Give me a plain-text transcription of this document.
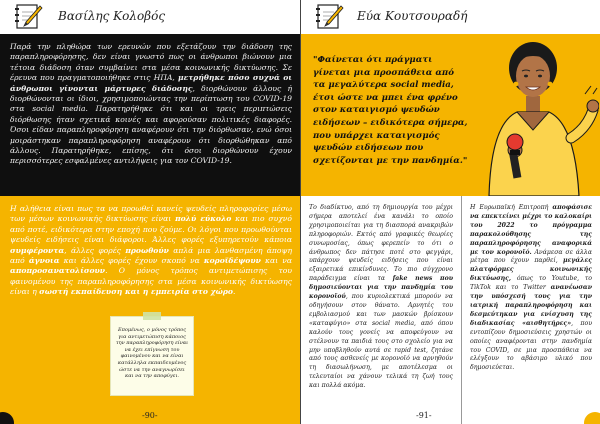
Βασίλης Κολοβός

Παρά την πληθώρα των ερευνών που εξετάζουν την διάδοση της παραπληροφόρησης, δεν είναι γνωστό πως οι άνθρωποι βιώνουν μια τέτοια διάδοση όταν συμβαίνει στα μέσα κοινωνικής δικτύωσης. Σε έρευνα που πραγματοποιήθηκε στις ΗΠΑ, μετρήθηκε πόσο συχνά οι άνθρωποι γίνονται μάρτυρες διάδοσης, διορθώνουν άλλους ή διορθώνονται οι ίδιοι, χρησιμοποιώντας την περίπτωση του COVID-19 στα social media. Παρατηρήθηκε ότι και οι τρεις περιπτώσεις διόρθωσης ήταν σχετικά κοινές και αφορούσαν πολιτικές διαφορές. Όσοι είδαν παραπληροφόρηση αναφέρουν ότι την διόρθωσαν, ενώ όσοι μοιράστηκαν παραπληροφόρηση αναφέρουν ότι διορθώθηκαν από άλλους. Παρατηρήθηκε, επίσης, ότι όσοι διορθώνουν έχουν περισσότερες εσφαλμένες αντιλήψεις για τον COVID-19.

Η αλήθεια είναι πως τα να προωθεί κανείς ψευδείς πληροφορίες μέσω των μέσων κοινωνικής δικτύωσης είναι πολύ εύκολο και πιο συχνό από ποτέ, ειδικότερα στην εποχή που ζούμε. Οι λόγοι που προωθούνται ψευδείς ειδήσεις είναι διάφοροι. Άλλες φορές εξυπηρετούν κάποια συμφέροντα, άλλες φορές προωθούν απλά μια λανθασμένη άποψη από άγνοια και άλλες φορές έχουν σκοπό να κοροϊδέψουν και να αποπροσανατολίσουν. Ο μόνος τρόπος αντιμετώπισης του φαινομένου της παραπληροφόρησης στα μέσα κοινωνικής δικτύωσης είναι η σωστή εκπαίδευση και η εμπειρία στο χώρο.

Επομένως, ο μόνος τρόπος για αντιμετώπιση κάποιος την παραπληροφόρηση είναι να έχει επίγνωση του φαινομένου και να είναι κατάλληλα εκπαιδευμένος ώστε να την αναγνωρίσει και να την αποφύγει.

-90-
Εύα Κουτσουραδή

"Φαίνεται ότι πράγματι γίνεται μια προσπάθεια από τα μεγαλύτερα social media, έτσι ώστε να μπει ένα φρένο στον καταιγισμό ψευδών ειδήσεων – ειδικότερα σήμερα, που υπάρχει καταιγισμός ψευδών ειδήσεων που σχετίζονται με την πανδημία."

Το διαδίκτυο, από τη δημιουργία του μέχρι σήμερα αποτελεί ένα κανάλι το οποίο χρησιμοποιείται για τη διασπορά ανακριβών πληροφοριών. Εκτός από γραφικές θεωρίες συνωμοσίας, όπως φερεπείν το ότι ο άνθρωπος δεν πάτησε ποτέ στο φεγγάρι, υπάρχουν ψευδείς ειδήσεις που είναι εξαιρετικά επικίνδυνες. Το πιο σύγχρονο παράδειγμα είναι τα fake news που δημοσιεύονται για την πανδημία του κορονοϊού, που κυριολεκτικά μπορούν να οδηγήσουν στον θάνατο. Αρνητές του εμβολιασμού και των μασκών βρίσκουν «καταφύγιο» στα social media, από όπου καλούν τους γονείς να αποφεύγουν να στέλνουν τα παιδιά τους στο σχολείο για να μην υποβληθούν αυτά σε rapid test, ζητάνε από τους ασθενείς με κορονοϊό να αρνηθούν τη διασωλήνωση, με αποτέλεσμα οι τελευταίοι να χάνουν τελικά τη ζωή τους και πολλά ακόμα.
Η Ευρωπαϊκή Επιτροπή αποφάσισε να επεκτείνει μέχρι το καλοκαίρι του 2022 το πρόγραμμα παρακολούθησης της παραπληροφόρησης αναφορικά με τον κορονοϊό. Ανάμεσα σε άλλα μέτρα που έχουν παρθεί, μεγάλες πλατφόρμες κοινωνικής δικτύωσης, όπως το Youtube, το TikTok και το Twitter ανανέωσαν την υπόσχεσή τους για την ιατρική παραπληροφόρηση και δεσμεύτηκαν για ενίσχυση της διαδικασίας «αισθητήρες», που εντοπίζουν δημοσιεύσεις χρηστών οι οποίες αναφέρονται στην πανδημία του COVID, σε μια προσπάθεια να ελέγξουν το αβάσιμο υλικό που δημοσιεύεται.
-91-
